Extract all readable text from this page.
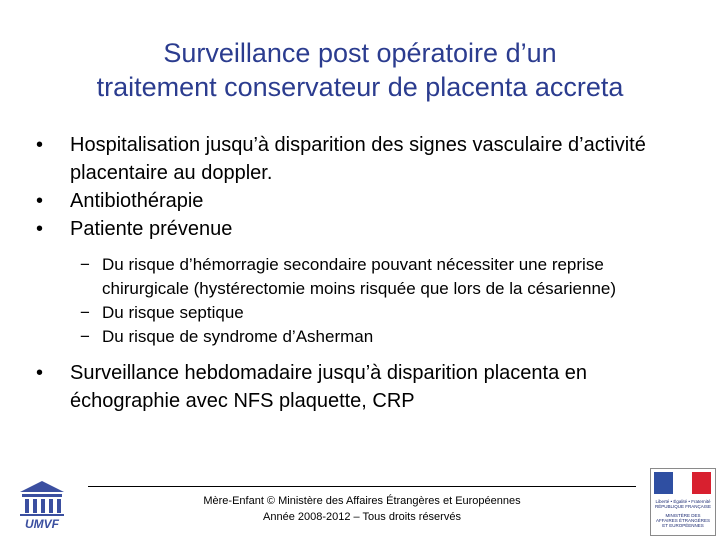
Surveillance post opératoire d’un
traitement conservateur de placenta accreta
• Hospitalisation jusqu’à disparition des signes vasculaire d’activité placentaire au doppler.
• Antibiothérapie
• Patiente prévenue
− Du risque d’hémorragie secondaire pouvant nécessiter une reprise chirurgicale (hystérectomie moins risquée que lors de la césarienne)
− Du risque septique
− Du risque de syndrome d’Asherman
• Surveillance hebdomadaire jusqu’à disparition placenta en échographie avec NFS plaquette, CRP
UMVF
Mère-Enfant © Ministère des Affaires Étrangères et Européennes
Année 2008-2012 – Tous droits réservés
Liberté • Égalité • Fraternité
RÉPUBLIQUE FRANÇAISE
MINISTÈRE DES AFFAIRES ÉTRANGÈRES ET EUROPÉENNES
